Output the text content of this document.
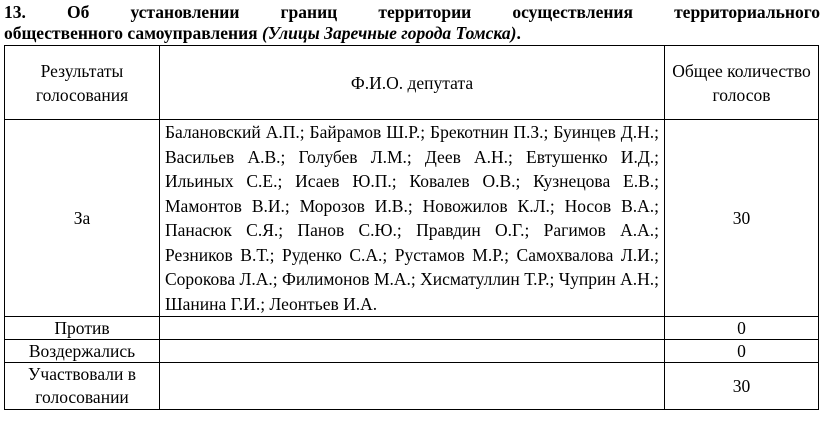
13. Об установлении границ территории осуществления территориального
общественного самоуправления (Улицы Заречные города Томска).
Результаты голосования	Ф.И.О. депутата	Общее количество голосов
За	Балановский А.П.; Байрамов Ш.Р.; Брекотнин П.З.; Буинцев Д.Н.; Васильев А.В.; Голубев Л.М.; Деев А.Н.; Евтушенко И.Д.; Ильиных С.Е.; Исаев Ю.П.; Ковалев О.В.; Кузнецова Е.В.; Мамонтов В.И.; Морозов И.В.; Новожилов К.Л.; Носов В.А.; Панасюк С.Я.; Панов С.Ю.; Правдин О.Г.; Рагимов А.А.; Резников В.Т.; Руденко С.А.; Рустамов М.Р.; Самохвалова Л.И.; Сорокова Л.А.; Филимонов М.А.; Хисматуллин Т.Р.; Чуприн А.Н.; Шанина Г.И.; Леонтьев И.А.	30
Против		0
Воздержались		0
Участвовали в голосовании		30
